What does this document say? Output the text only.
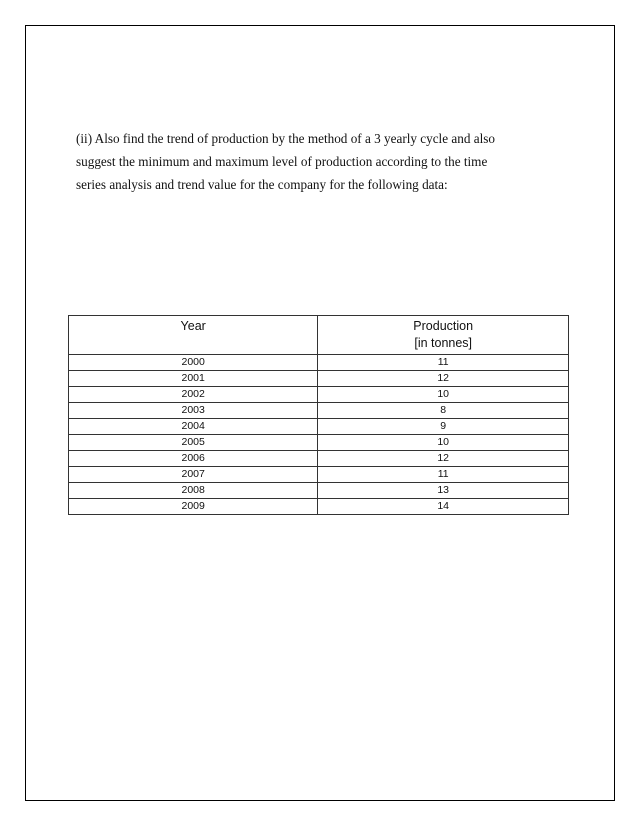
(ii) Also find the trend of production by the method of a 3 yearly cycle and also

suggest the minimum and maximum level of production according to the time

series analysis and trend value for the company for the following data:

Year	Production
[in tonnes]

2000	11
2001	12
2002	10
2003	8
2004	9
2005	10
2006	12
2007	11
2008	13
2009	14
